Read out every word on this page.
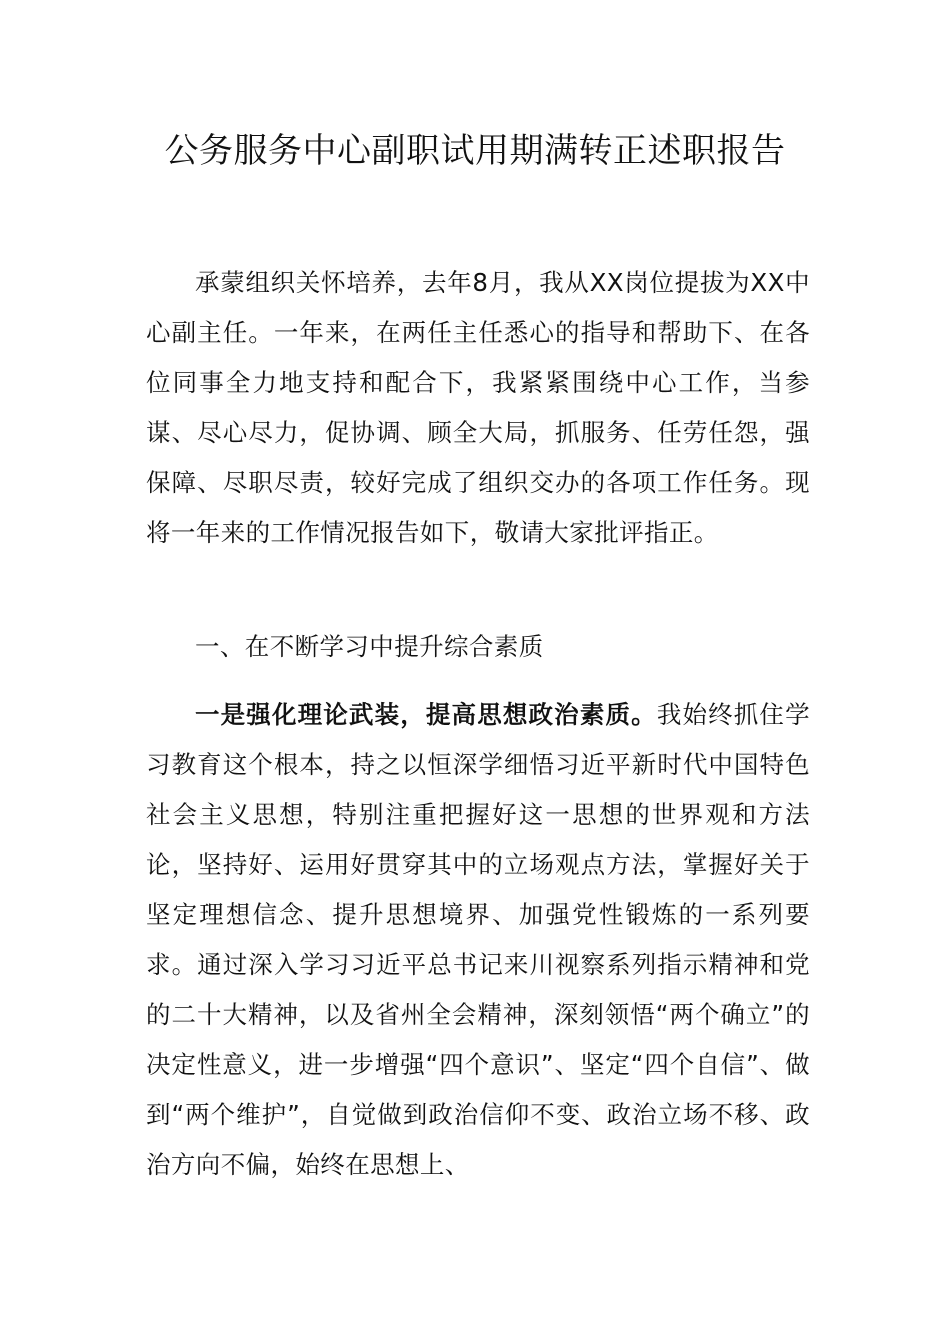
公务服务中心副职试用期满转正述职报告

承蒙组织关怀培养，去年8月，我从XX岗位提拔为XX中心副主任。一年来，在两任主任悉心的指导和帮助下、在各位同事全力地支持和配合下，我紧紧围绕中心工作，当参谋、尽心尽力，促协调、顾全大局，抓服务、任劳任怨，强保障、尽职尽责，较好完成了组织交办的各项工作任务。现将一年来的工作情况报告如下，敬请大家批评指正。

一、在不断学习中提升综合素质

一是强化理论武装，提高思想政治素质。我始终抓住学习教育这个根本，持之以恒深学细悟习近平新时代中国特色社会主义思想，特别注重把握好这一思想的世界观和方法论，坚持好、运用好贯穿其中的立场观点方法，掌握好关于坚定理想信念、提升思想境界、加强党性锻炼的一系列要求。通过深入学习习近平总书记来川视察系列指示精神和党的二十大精神，以及省州全会精神，深刻领悟“两个确立”的决定性意义，进一步增强“四个意识”、坚定“四个自信”、做到“两个维护”，自觉做到政治信仰不变、政治立场不移、政治方向不偏，始终在思想上、
